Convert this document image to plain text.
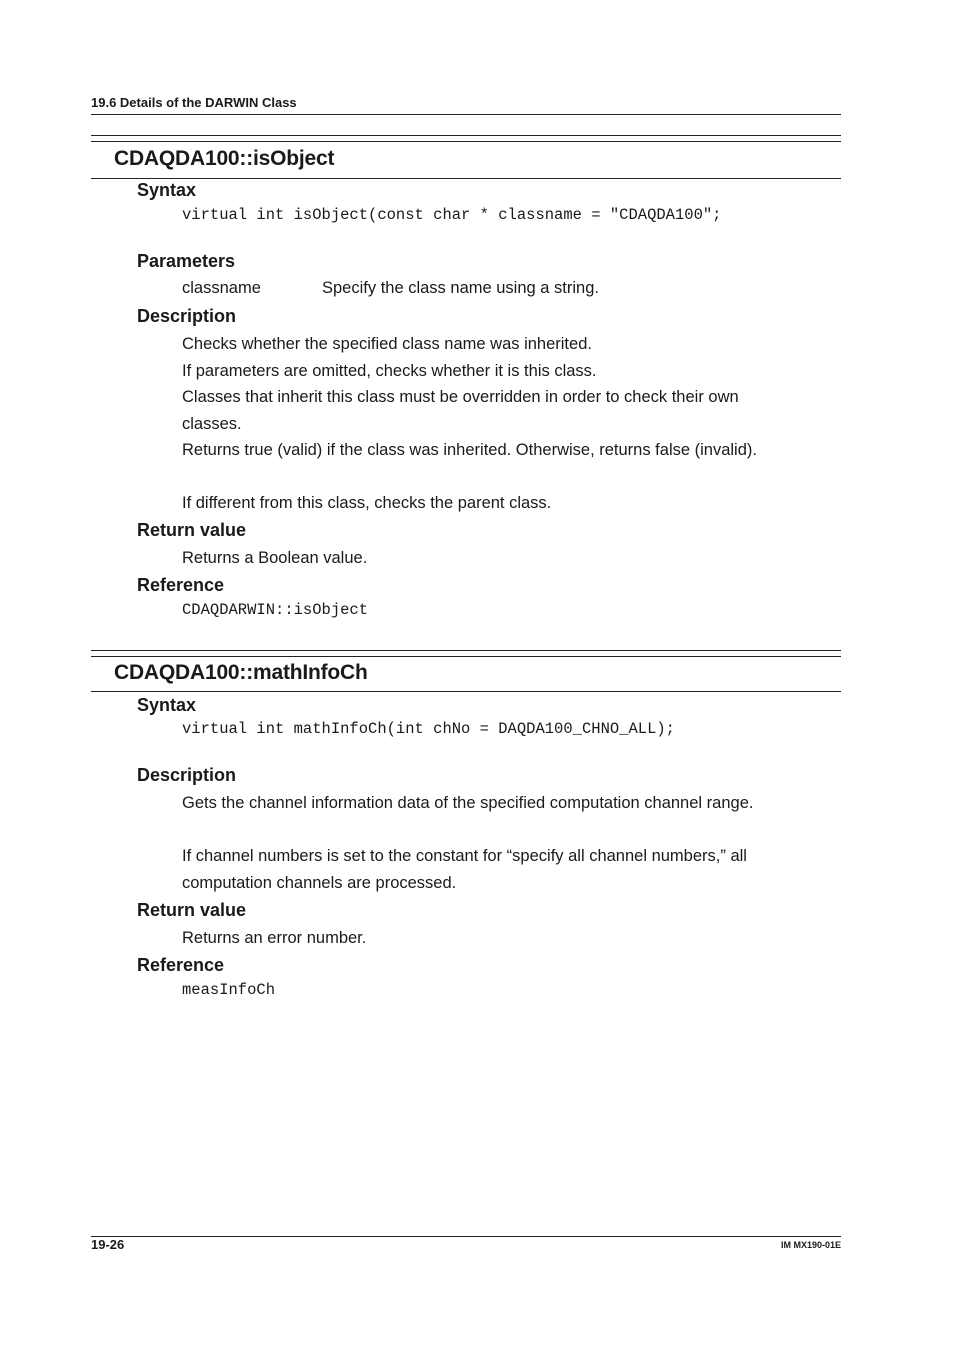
19.6 Details of the DARWIN Class
CDAQDA100::isObject
Syntax
virtual int isObject(const char * classname = "CDAQDA100";
Parameters
classname	Specify the class name using a string.
Description
Checks whether the specified class name was inherited.
If parameters are omitted, checks whether it is this class.
Classes that inherit this class must be overridden in order to check their own
classes.
Returns true (valid) if the class was inherited. Otherwise, returns false (invalid).
If different from this class, checks the parent class.
Return value
Returns a Boolean value.
Reference
CDAQDARWIN::isObject
CDAQDA100::mathInfoCh
Syntax
virtual int mathInfoCh(int chNo = DAQDA100_CHNO_ALL);
Description
Gets the channel information data of the specified computation channel range.
If channel numbers is set to the constant for “specify all channel numbers,” all
computation channels are processed.
Return value
Returns an error number.
Reference
measInfoCh
19-26	IM MX190-01E
